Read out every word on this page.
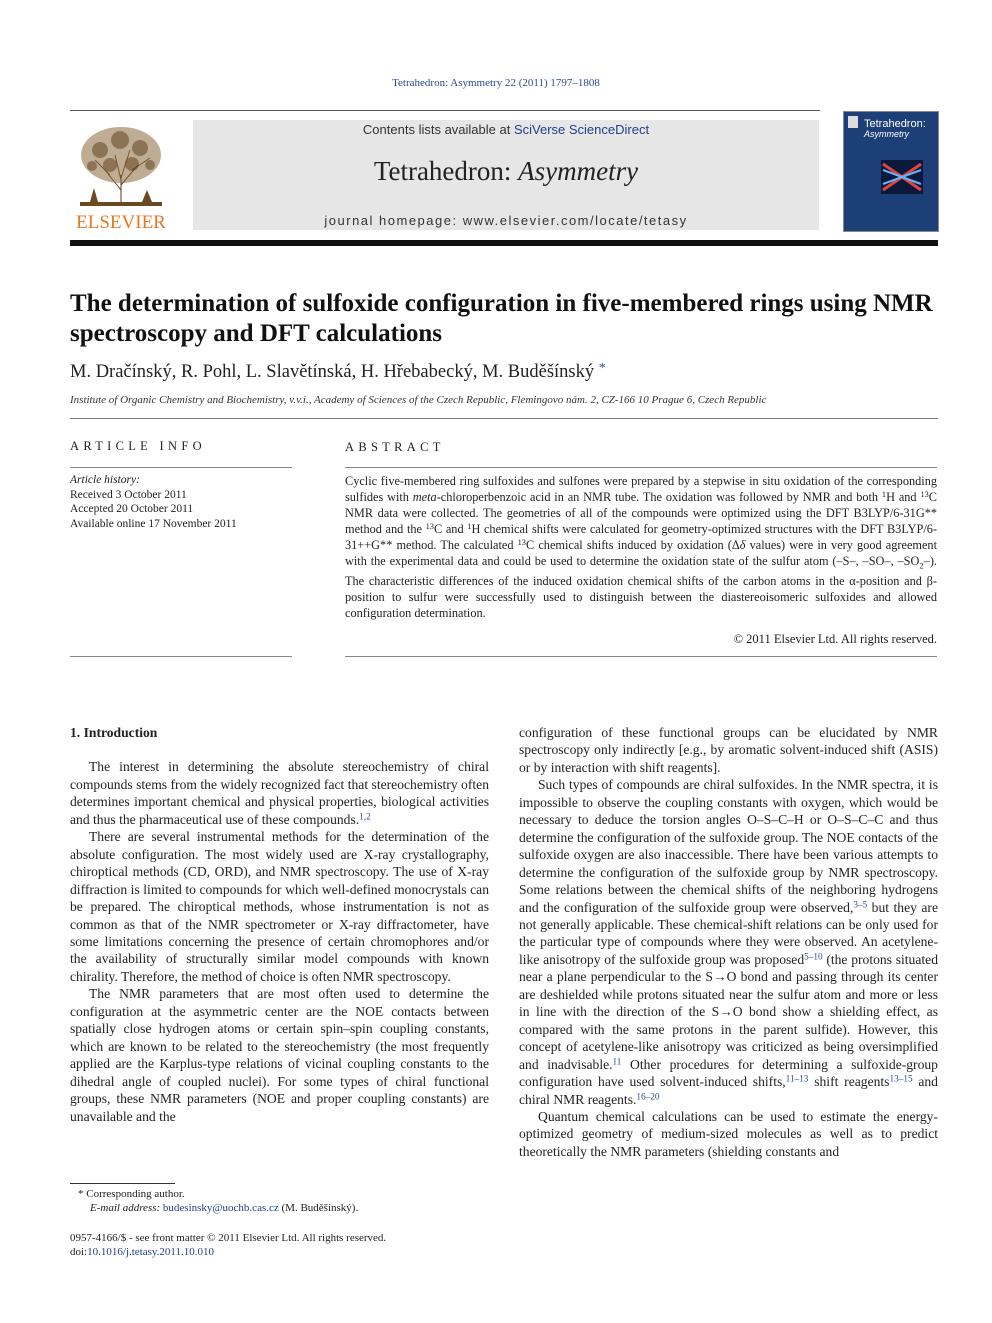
Tetrahedron: Asymmetry 22 (2011) 1797–1808
ELSEVIER
Contents lists available at SciVerse ScienceDirect
Tetrahedron: Asymmetry
journal homepage: www.elsevier.com/locate/tetasy
Tetrahedron:
Asymmetry
The determination of sulfoxide configuration in five-membered rings using NMR spectroscopy and DFT calculations
M. Dračínský, R. Pohl, L. Slavětínská, H. Hřebabecký, M. Buděšínský *
Institute of Organic Chemistry and Biochemistry, v.v.i., Academy of Sciences of the Czech Republic, Flemingovo nám. 2, CZ-166 10 Prague 6, Czech Republic
ARTICLE INFO
Article history:
Received 3 October 2011
Accepted 20 October 2011
Available online 17 November 2011
ABSTRACT
Cyclic five-membered ring sulfoxides and sulfones were prepared by a stepwise in situ oxidation of the corresponding sulfides with meta-chloroperbenzoic acid in an NMR tube. The oxidation was followed by NMR and both $^1$H and $^{13}$C NMR data were collected. The geometries of all of the compounds were optimized using the DFT B3LYP/6-31G** method and the $^{13}$C and $^1$H chemical shifts were calculated for geometry-optimized structures with the DFT B3LYP/6-31++G** method. The calculated $^{13}$C chemical shifts induced by oxidation (Δδ values) were in very good agreement with the experimental data and could be used to determine the oxidation state of the sulfur atom (–S–, –SO–, $-SO_2-$). The characteristic differences of the induced oxidation chemical shifts of the carbon atoms in the α-position and β-position to sulfur were successfully used to distinguish between the diastereoisomeric sulfoxides and allowed configuration determination.
© 2011 Elsevier Ltd. All rights reserved.
1. Introduction

The interest in determining the absolute stereochemistry of chiral compounds stems from the widely recognized fact that stereochemistry often determines important chemical and physical properties, biological activities and thus the pharmaceutical use of these compounds.$^{1,2}$

There are several instrumental methods for the determination of the absolute configuration. The most widely used are X-ray crystallography, chiroptical methods (CD, ORD), and NMR spectroscopy. The use of X-ray diffraction is limited to compounds for which well-defined monocrystals can be prepared. The chiroptical methods, whose instrumentation is not as common as that of the NMR spectrometer or X-ray diffractometer, have some limitations concerning the presence of certain chromophores and/or the availability of structurally similar model compounds with known chirality. Therefore, the method of choice is often NMR spectroscopy.

The NMR parameters that are most often used to determine the configuration at the asymmetric center are the NOE contacts between spatially close hydrogen atoms or certain spin–spin coupling constants, which are known to be related to the stereochemistry (the most frequently applied are the Karplus-type relations of vicinal coupling constants to the dihedral angle of coupled nuclei). For some types of chiral functional groups, these NMR parameters (NOE and proper coupling constants) are unavailable and the

configuration of these functional groups can be elucidated by NMR spectroscopy only indirectly [e.g., by aromatic solvent-induced shift (ASIS) or by interaction with shift reagents].

Such types of compounds are chiral sulfoxides. In the NMR spectra, it is impossible to observe the coupling constants with oxygen, which would be necessary to deduce the torsion angles O–S–C–H or O–S–C–C and thus determine the configuration of the sulfoxide group. The NOE contacts of the sulfoxide oxygen are also inaccessible. There have been various attempts to determine the configuration of the sulfoxide group by NMR spectroscopy. Some relations between the chemical shifts of the neighboring hydrogens and the configuration of the sulfoxide group were observed,$^{3-5}$ but they are not generally applicable. These chemical-shift relations can be only used for the particular type of compounds where they were observed. An acetylene-like anisotropy of the sulfoxide group was proposed$^{5-10}$ (the protons situated near a plane perpendicular to the S→O bond and passing through its center are deshielded while protons situated near the sulfur atom and more or less in line with the direction of the S→O bond show a shielding effect, as compared with the same protons in the parent sulfide). However, this concept of acetylene-like anisotropy was criticized as being oversimplified and inadvisable.$^{11}$ Other procedures for determining a sulfoxide-group configuration have used solvent-induced shifts,$^{11-13}$ shift reagents$^{13-15}$ and chiral NMR reagents.$^{16-20}$

Quantum chemical calculations can be used to estimate the energy-optimized geometry of medium-sized molecules as well as to predict theoretically the NMR parameters (shielding constants and

* Corresponding author.
E-mail address: budesinsky@uochb.cas.cz (M. Buděšínský).
0957-4166/$ - see front matter © 2011 Elsevier Ltd. All rights reserved.
doi:10.1016/j.tetasy.2011.10.010
